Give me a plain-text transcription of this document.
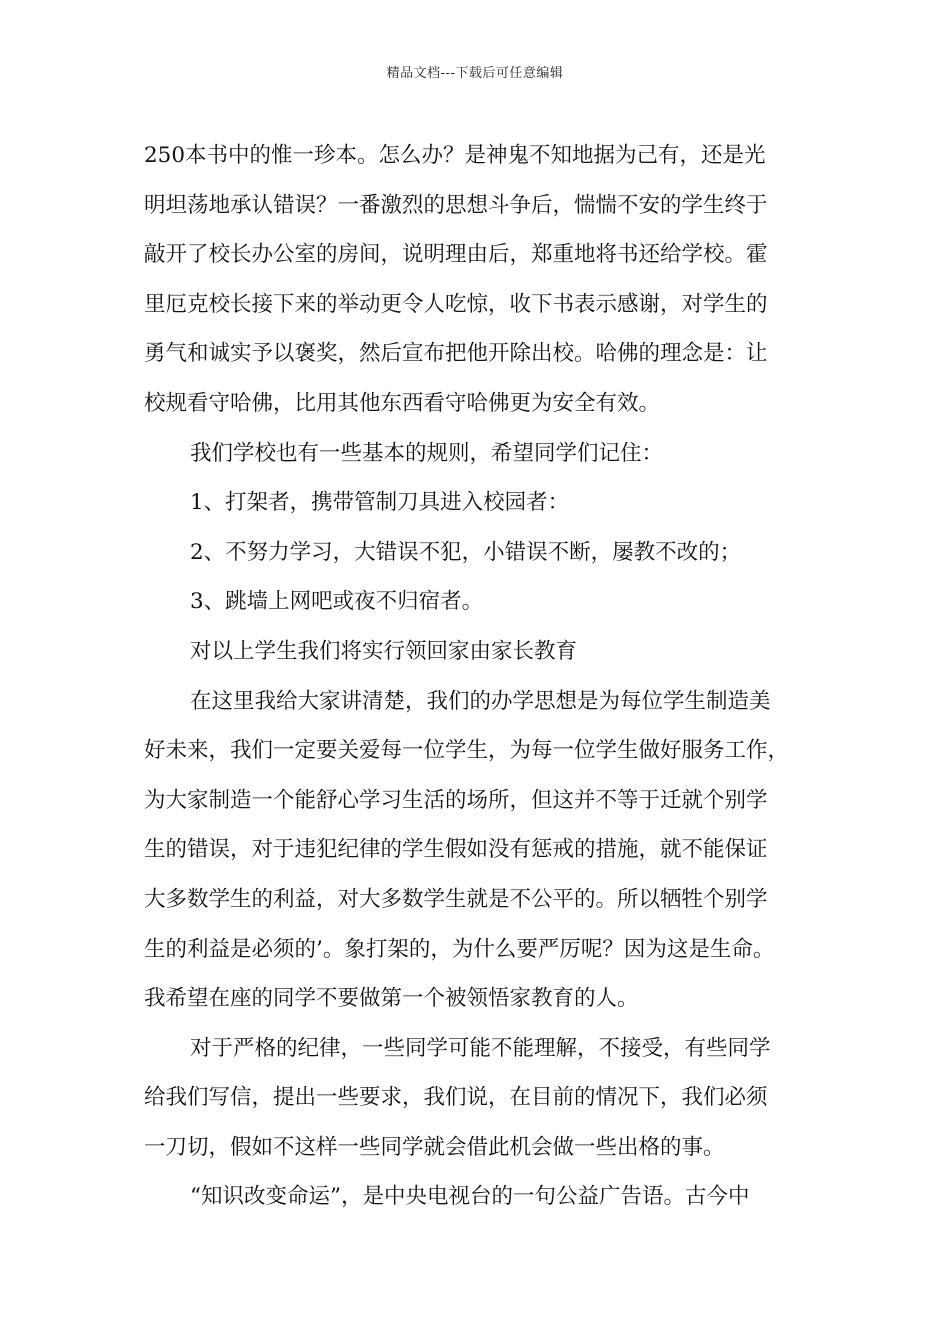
精品文档---下载后可任意编辑
250本书中的惟一珍本。怎么办？是神鬼不知地据为己有，还是光
明坦荡地承认错误？一番激烈的思想斗争后，惴惴不安的学生终于
敲开了校长办公室的房间，说明理由后，郑重地将书还给学校。霍
里厄克校长接下来的举动更令人吃惊，收下书表示感谢，对学生的
勇气和诚实予以褒奖，然后宣布把他开除出校。哈佛的理念是：让
校规看守哈佛，比用其他东西看守哈佛更为安全有效。
我们学校也有一些基本的规则，希望同学们记住：
1、打架者，携带管制刀具进入校园者：
2、不努力学习，大错误不犯，小错误不断，屡教不改的；
3、跳墙上网吧或夜不归宿者。
对以上学生我们将实行领回家由家长教育
在这里我给大家讲清楚，我们的办学思想是为每位学生制造美
好未来，我们一定要关爱每一位学生，为每一位学生做好服务工作，
为大家制造一个能舒心学习生活的场所，但这并不等于迁就个别学
生的错误，对于违犯纪律的学生假如没有惩戒的措施，就不能保证
大多数学生的利益，对大多数学生就是不公平的。所以牺牲个别学
生的利益是必须的’。象打架的，为什么要严厉呢？因为这是生命。
我希望在座的同学不要做第一个被领悟家教育的人。
对于严格的纪律，一些同学可能不能理解，不接受，有些同学
给我们写信，提出一些要求，我们说，在目前的情况下，我们必须
一刀切，假如不这样一些同学就会借此机会做一些出格的事。
“知识改变命运”，是中央电视台的一句公益广告语。古今中
